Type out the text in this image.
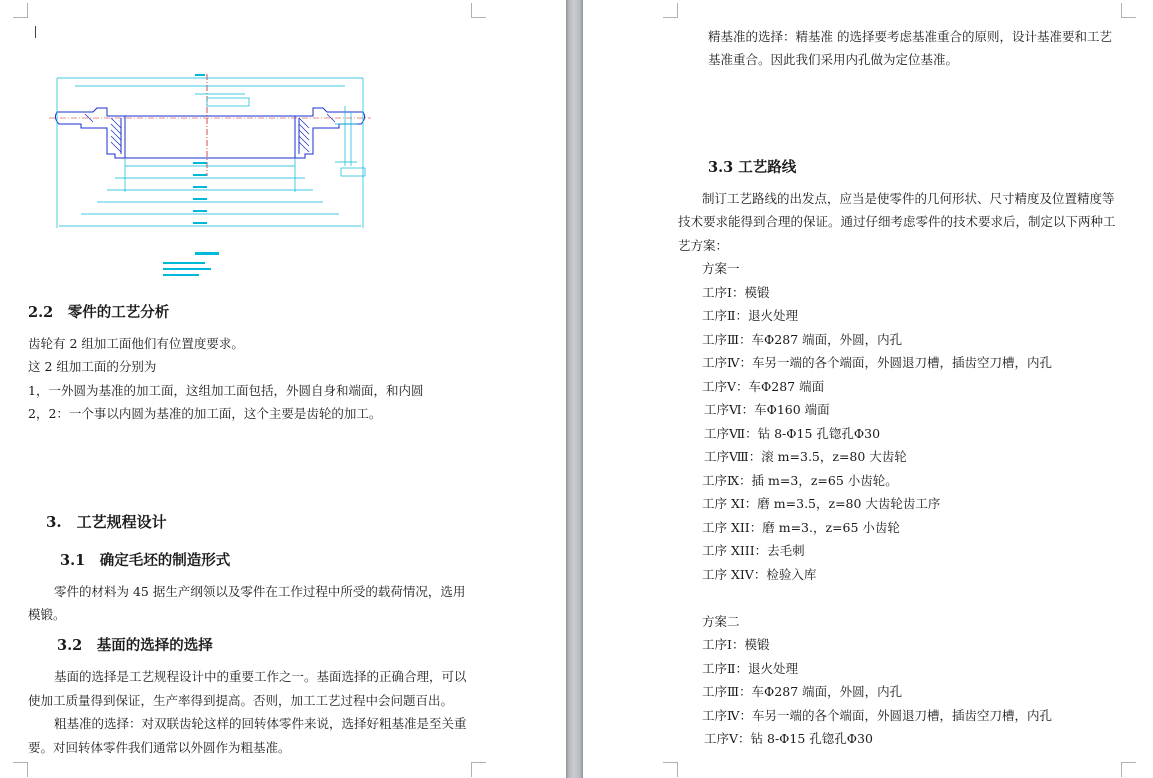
2.2　零件的工艺分析
齿轮有 2 组加工面他们有位置度要求。
这 2 组加工面的分别为
1，一外圆为基准的加工面，这组加工面包括，外圆自身和端面，和内圆
2，2：一个事以内圆为基准的加工面，这个主要是齿轮的加工。
3.　工艺规程设计
3.1　确定毛坯的制造形式
零件的材料为 45 据生产纲领以及零件在工作过程中所受的载荷情况，选用
模锻。
3.2　基面的选择的选择
基面的选择是工艺规程设计中的重要工作之一。基面选择的正确合理，可以
使加工质量得到保证，生产率得到提高。否则，加工工艺过程中会问题百出。
粗基准的选择：对双联齿轮这样的回转体零件来说，选择好粗基准是至关重
要。对回转体零件我们通常以外圆作为粗基准。
精基准的选择：精基准 的选择要考虑基准重合的原则，设计基准要和工艺
基准重合。因此我们采用内孔做为定位基准。
3.3 工艺路线
制订工艺路线的出发点，应当是使零件的几何形状、尺寸精度及位置精度等
技术要求能得到合理的保证。通过仔细考虑零件的技术要求后，制定以下两种工
艺方案：
方案一
工序Ⅰ：模锻
工序Ⅱ：退火处理
工序Ⅲ：车Φ287 端面，外圆，内孔
工序Ⅳ：车另一端的各个端面，外圆退刀槽，插齿空刀槽，内孔
工序Ⅴ：车Φ287 端面
工序Ⅵ：车Φ160 端面
工序Ⅶ：钻 8-Φ15 孔锪孔Φ30
工序Ⅷ：滚 m=3.5，z=80 大齿轮
工序Ⅸ：插 m=3，z=65 小齿轮。
工序 XI：磨 m=3.5，z=80 大齿轮齿工序
工序 XII：磨 m=3.，z=65 小齿轮
工序 XIII：去毛刺
工序 XIV：检验入库
方案二
工序Ⅰ：模锻
工序Ⅱ：退火处理
工序Ⅲ：车Φ287 端面，外圆，内孔
工序Ⅳ：车另一端的各个端面，外圆退刀槽，插齿空刀槽，内孔
工序Ⅴ：钻 8-Φ15 孔锪孔Φ30
